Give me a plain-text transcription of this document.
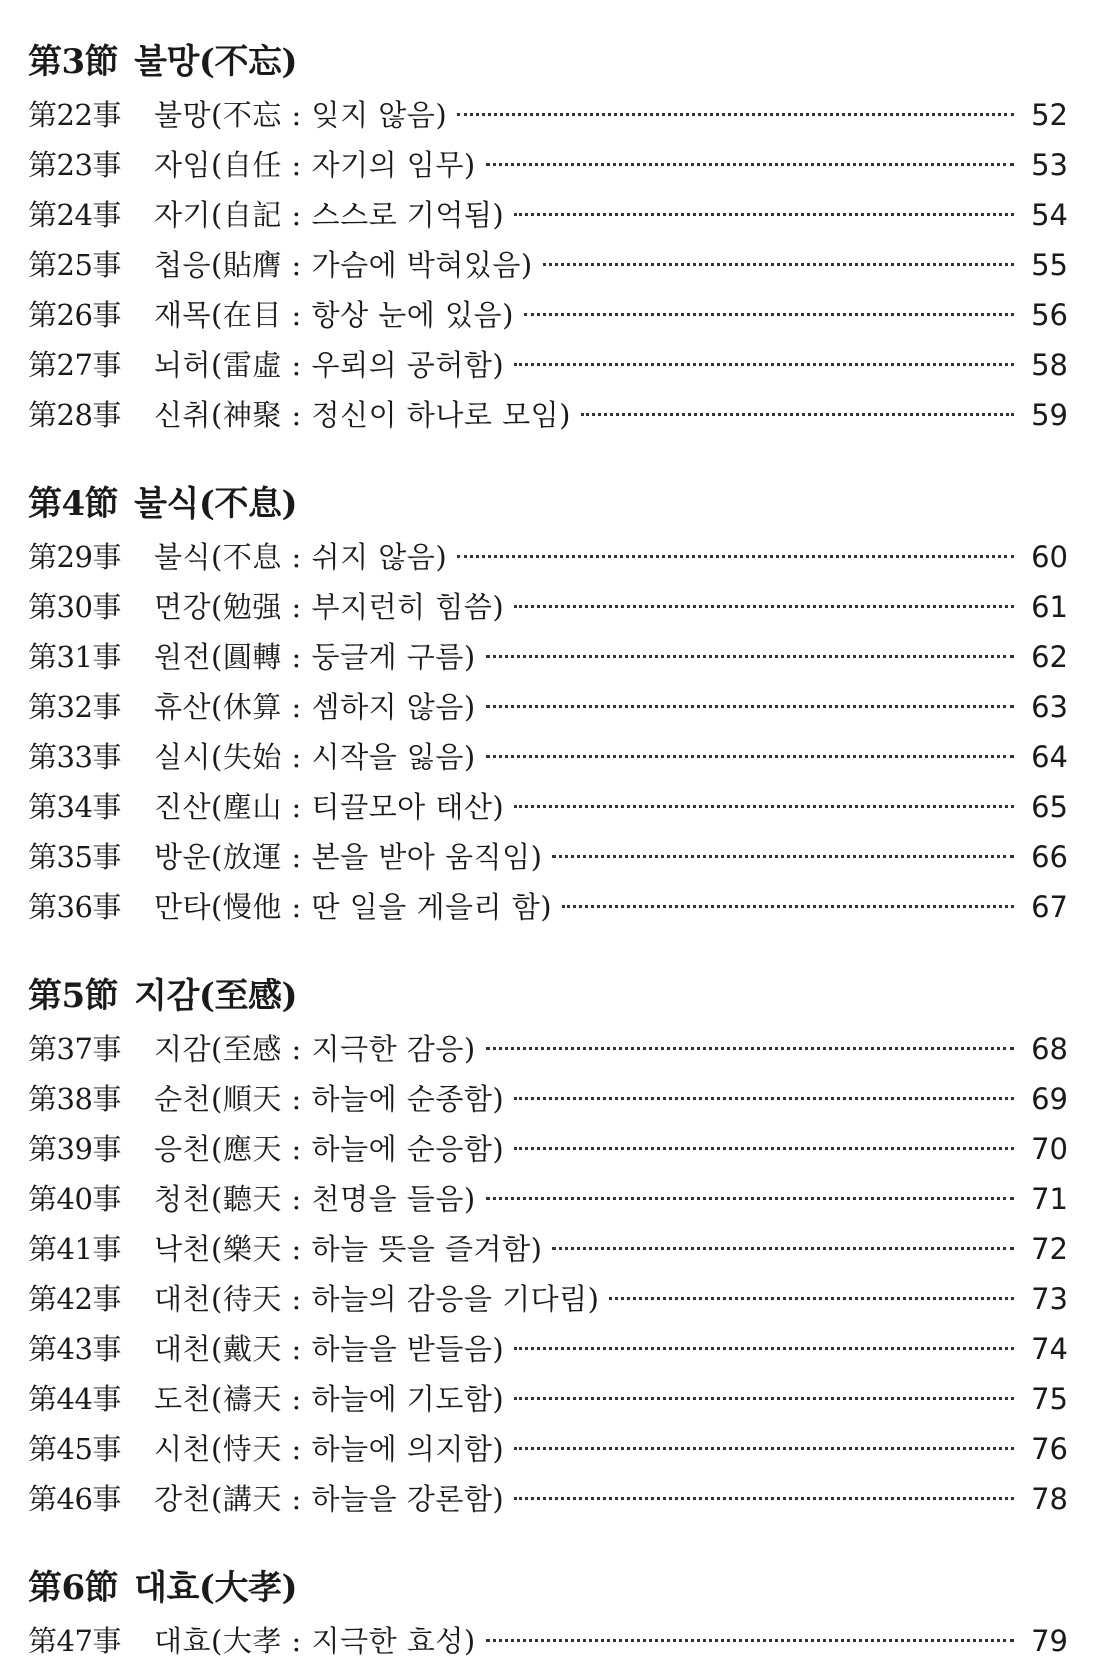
第3節 불망(不忘)
第22事	불망(不忘 : 잊지 않음)	52
第23事	자임(自任 : 자기의 임무)	53
第24事	자기(自記 : 스스로 기억됨)	54
第25事	첩응(貼膺 : 가슴에 박혀있음)	55
第26事	재목(在目 : 항상 눈에 있음)	56
第27事	뇌허(雷虛 : 우뢰의 공허함)	58
第28事	신취(神聚 : 정신이 하나로 모임)	59
第4節 불식(不息)
第29事	불식(不息 : 쉬지 않음)	60
第30事	면강(勉强 : 부지런히 힘씀)	61
第31事	원전(圓轉 : 둥글게 구름)	62
第32事	휴산(休算 : 셈하지 않음)	63
第33事	실시(失始 : 시작을 잃음)	64
第34事	진산(塵山 : 티끌모아 태산)	65
第35事	방운(放運 : 본을 받아 움직임)	66
第36事	만타(慢他 : 딴 일을 게을리 함)	67
第5節 지감(至感)
第37事	지감(至感 : 지극한 감응)	68
第38事	순천(順天 : 하늘에 순종함)	69
第39事	응천(應天 : 하늘에 순응함)	70
第40事	청천(聽天 : 천명을 들음)	71
第41事	낙천(樂天 : 하늘 뜻을 즐겨함)	72
第42事	대천(待天 : 하늘의 감응을 기다림)	73
第43事	대천(戴天 : 하늘을 받들음)	74
第44事	도천(禱天 : 하늘에 기도함)	75
第45事	시천(恃天 : 하늘에 의지함)	76
第46事	강천(講天 : 하늘을 강론함)	78
第6節 대효(大孝)
第47事	대효(大孝 : 지극한 효성)	79
